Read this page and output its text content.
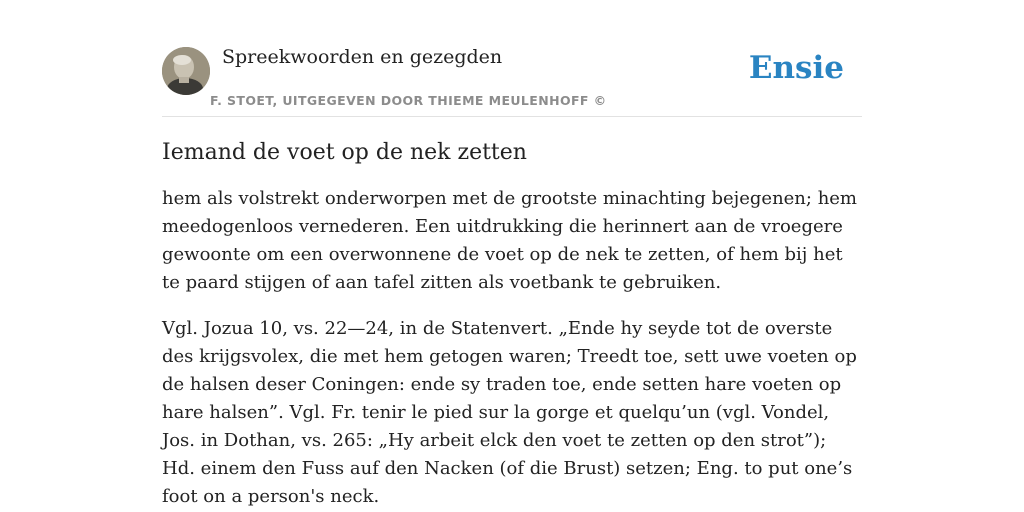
Spreekwoorden en gezegden
F. STOET, UITGEGEVEN DOOR THIEME MEULENHOFF ©
Ensie
Iemand de voet op de nek zetten

hem als volstrekt onderworpen met de grootste minachting bejegenen; hem meedogenloos vernederen. Een uitdrukking die herinnert aan de vroegere gewoonte om een overwonnene de voet op de nek te zetten, of hem bij het te paard stijgen of aan tafel zitten als voetbank te gebruiken.

Vgl. Jozua 10, vs. 22—24, in de Statenvert. „Ende hy seyde tot de overste des krijgsvolex, die met hem getogen waren; Treedt toe, sett uwe voeten op de halsen deser Coningen: ende sy traden toe, ende setten hare voeten op hare halsen”. Vgl. Fr. tenir le pied sur la gorge et quelqu’un (vgl. Vondel, Jos. in Dothan, vs. 265: „Hy arbeit elck den voet te zetten op den strot”); Hd. einem den Fuss auf den Nacken (of die Brust) setzen; Eng. to put one’s foot on a person's neck.
